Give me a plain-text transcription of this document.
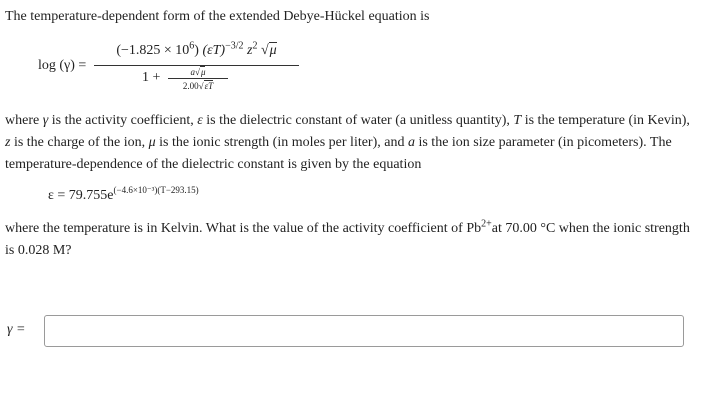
The temperature-dependent form of the extended Debye-Hückel equation is

log (γ) =
$(-1.825 \times 10^6)$ $(\varepsilon T)^{-3/2}$ $z^2$ √μ
1 +	a√μ
2.00√εT

where γ is the activity coefficient, ε is the dielectric constant of water (a unitless quantity), T is the temperature (in Kevin), z is the charge of the ion, μ is the ionic strength (in moles per liter), and a is the ion size parameter (in picometers). The temperature-dependence of the dielectric constant is given by the equation

$\varepsilon = 79.755e^{(-4.6\times 10^{-3})(T-293.15)}$

where the temperature is in Kelvin. What is the value of the activity coefficient of $Pb^{2+}at$ 70.00 °C when the ionic strength is 0.028 M?

γ =
